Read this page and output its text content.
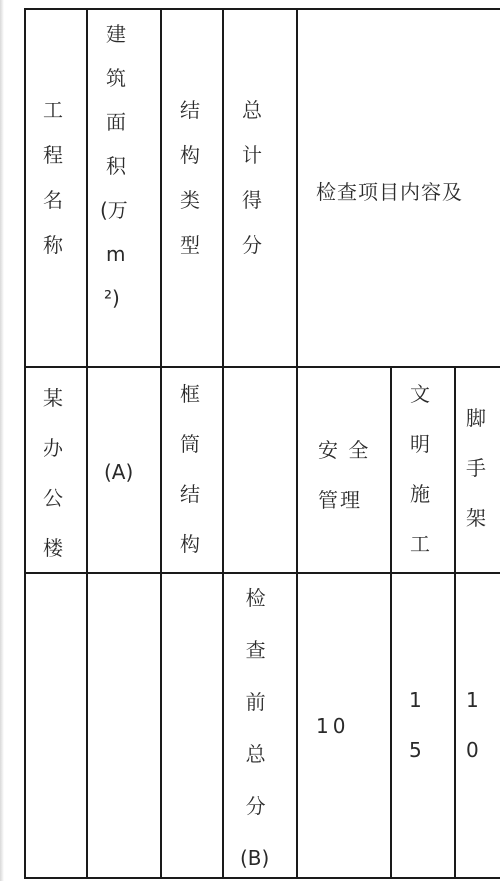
工
程
名
称
建
筑
面
积
(万
m
²)
结
构
类
型
总
计
得
分
检查项目内容及
某
办
公
楼
(A)
框
筒
结
构
安 全
管理
文
明
施
工
脚
手
架
检
查
前
总
分
(B)
10
1
5
1
0
